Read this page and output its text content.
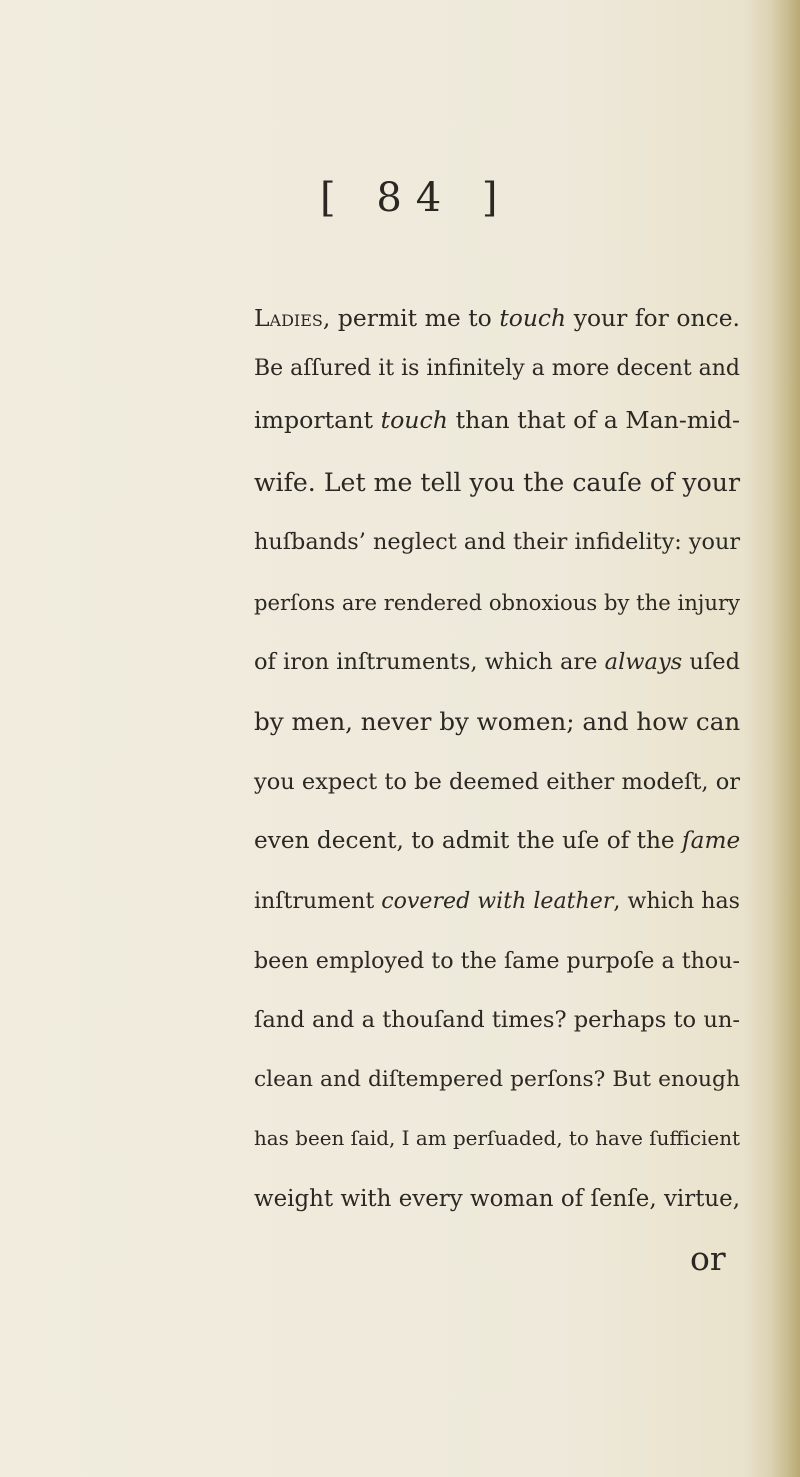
[ 84 ]
Ladies, permit me to touch your for once.
Be aſſured it is infinitely a more decent and
important touch than that of a Man-mid-
wife. Let me tell you the cauſe of your
huſbands’ neglect and their infidelity: your
perſons are rendered obnoxious by the injury
of iron inſtruments, which are always uſed
by men, never by women; and how can
you expect to be deemed either modeſt, or
even decent, to admit the uſe of the ſame
inſtrument covered with leather, which has
been employed to the ſame purpoſe a thou-
ſand and a thouſand times? perhaps to un-
clean and diſtempered perſons? But enough
has been ſaid, I am perſuaded, to have ſufficient
weight with every woman of ſenſe, virtue,
or
